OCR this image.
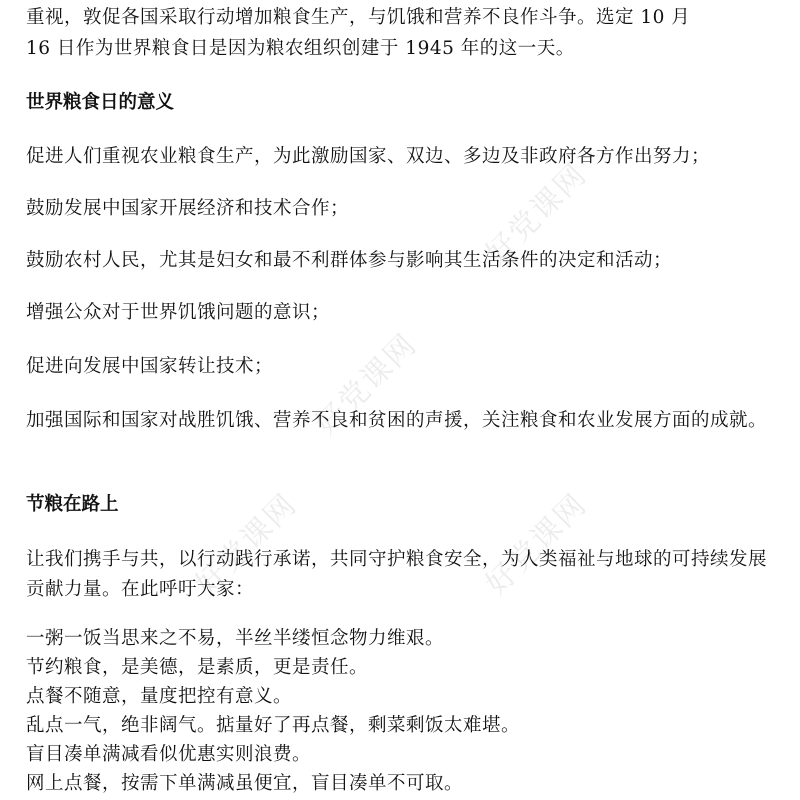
好党课网
好党课网
好党课网	好党课网

重视，敦促各国采取行动增加粮食生产，与饥饿和营养不良作斗争。选定 10 月

16 日作为世界粮食日是因为粮农组织创建于 1945 年的这一天。

世界粮食日的意义

促进人们重视农业粮食生产，为此激励国家、双边、多边及非政府各方作出努力；

鼓励发展中国家开展经济和技术合作；

鼓励农村人民，尤其是妇女和最不利群体参与影响其生活条件的决定和活动；

增强公众对于世界饥饿问题的意识；

促进向发展中国家转让技术；

加强国际和国家对战胜饥饿、营养不良和贫困的声援，关注粮食和农业发展方面的成就。

节粮在路上

让我们携手与共，以行动践行承诺，共同守护粮食安全，为人类福祉与地球的可持续发展贡献力量。在此呼吁大家：

一粥一饭当思来之不易，半丝半缕恒念物力维艰。

节约粮食，是美德，是素质，更是责任。

点餐不随意，量度把控有意义。

乱点一气，绝非阔气。掂量好了再点餐，剩菜剩饭太难堪。

盲目凑单满减看似优惠实则浪费。

网上点餐，按需下单满减虽便宜，盲目凑单不可取。
